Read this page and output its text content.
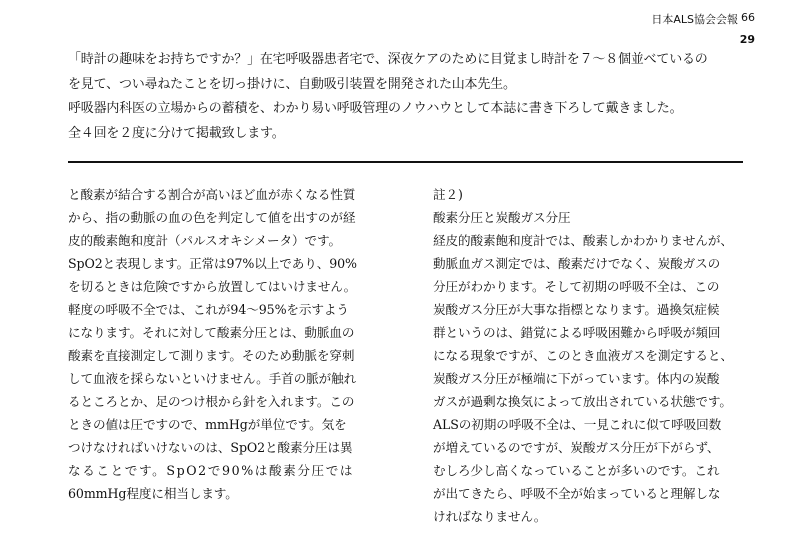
日本ALS協会会報 66
29
「時計の趣味をお持ちですか？」在宅呼吸器患者宅で、深夜ケアのために目覚まし時計を７～８個並べているの
を見て、つい尋ねたことを切っ掛けに、自動吸引装置を開発された山本先生。
呼吸器内科医の立場からの蓄積を、わかり易い呼吸管理のノウハウとして本誌に書き下ろして戴きました。
全４回を２度に分けて掲載致します。
と酸素が結合する割合が高いほど血が赤くなる性質
から、指の動脈の血の色を判定して値を出すのが経
皮的酸素飽和度計（パルスオキシメータ）です。
SpO2と表現します。正常は97%以上であり、90%
を切るときは危険ですから放置してはいけません。
軽度の呼吸不全では、これが94～95%を示すよう
になります。それに対して酸素分圧とは、動脈血の
酸素を直接測定して測ります。そのため動脈を穿刺
して血液を採らないといけません。手首の脈が触れ
るところとか、足のつけ根から針を入れます。この
ときの値は圧ですので、mmHgが単位です。気を
つけなければいけないのは、SpO2と酸素分圧は異
なることです。SpO2で90%は酸素分圧では
60mmHg程度に相当します。
註２)
酸素分圧と炭酸ガス分圧
経皮的酸素飽和度計では、酸素しかわかりませんが、
動脈血ガス測定では、酸素だけでなく、炭酸ガスの
分圧がわかります。そして初期の呼吸不全は、この
炭酸ガス分圧が大事な指標となります。過換気症候
群というのは、錯覚による呼吸困難から呼吸が頻回
になる現象ですが、このとき血液ガスを測定すると、
炭酸ガス分圧が極端に下がっています。体内の炭酸
ガスが過剰な換気によって放出されている状態です。
ALSの初期の呼吸不全は、一見これに似て呼吸回数
が増えているのですが、炭酸ガス分圧が下がらず、
むしろ少し高くなっていることが多いのです。これ
が出てきたら、呼吸不全が始まっていると理解しな
ければなりません。
